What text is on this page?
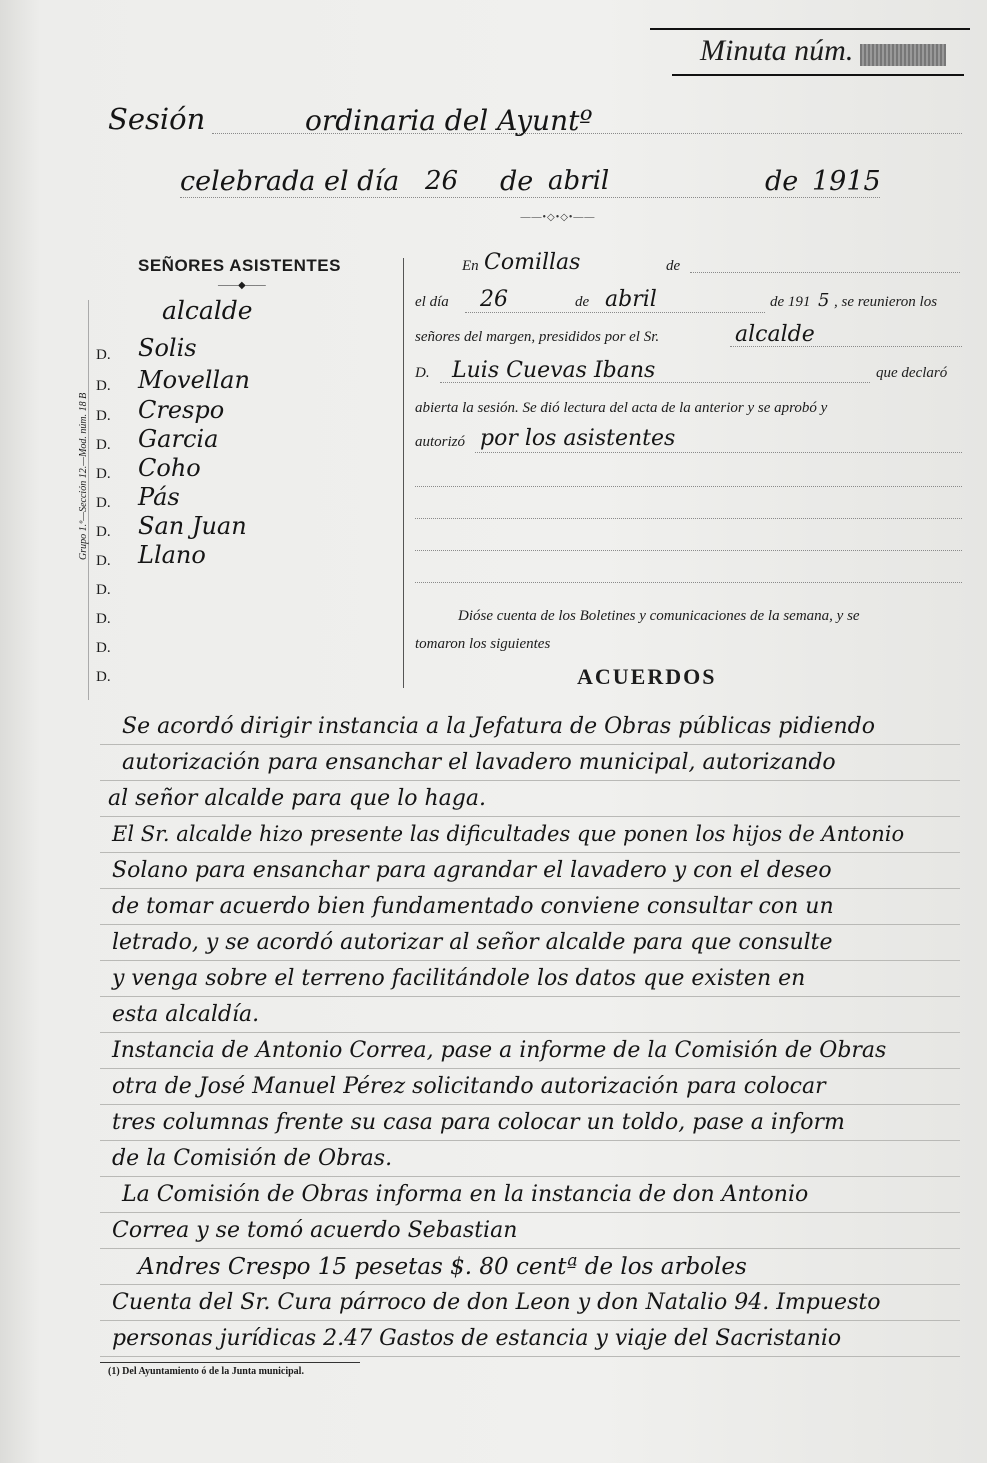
Minuta núm.
Sesión	ordinaria del Ayuntº
celebrada el día 26 de abril	de 1915
——•◇•◇•——
SEÑORES ASISTENTES
——◆——
alcalde
D. Solis
D. Movellan
D. Crespo
D. Garcia
D. Coho
D. Pás
D. San Juan
D. Llano
D.
D.
D.
D.
En Comillas	de
el día 26	de abril	de 191 5 , se reunieron los
señores del margen, presididos por el Sr.	alcalde
D. Luis Cuevas Ibans	que declaró
abierta la sesión. Se dió lectura del acta de la anterior y se aprobó y
autorizó por los asistentes
Dióse cuenta de los Boletines y comunicaciones de la semana, y se
tomaron los siguientes
ACUERDOS
Grupo 1.º—Sección 12.—Mod. núm. 18 B
Se acordó dirigir instancia a la Jefatura de Obras públicas pidiendo
autorización para ensanchar el lavadero municipal, autorizando
al señor alcalde para que lo haga.
El Sr. alcalde hizo presente las dificultades que ponen los hijos de Antonio
Solano para ensanchar para agrandar el lavadero y con el deseo
de tomar acuerdo bien fundamentado conviene consultar con un
letrado, y se acordó autorizar al señor alcalde para que consulte
y venga sobre el terreno facilitándole los datos que existen en
esta alcaldía.
Instancia de Antonio Correa, pase a informe de la Comisión de Obras
otra de José Manuel Pérez solicitando autorización para colocar
tres columnas frente su casa para colocar un toldo, pase a inform
de la Comisión de Obras.
La Comisión de Obras informa en la instancia de don Antonio
Correa y se tomó acuerdo Sebastian
Andres Crespo 15 pesetas $. 80 centª de los arboles
Cuenta del Sr. Cura párroco de don Leon y don Natalio 94. Impuesto
personas jurídicas 2.47 Gastos de estancia y viaje del Sacristanio
(1) Del Ayuntamiento ó de la Junta municipal.
